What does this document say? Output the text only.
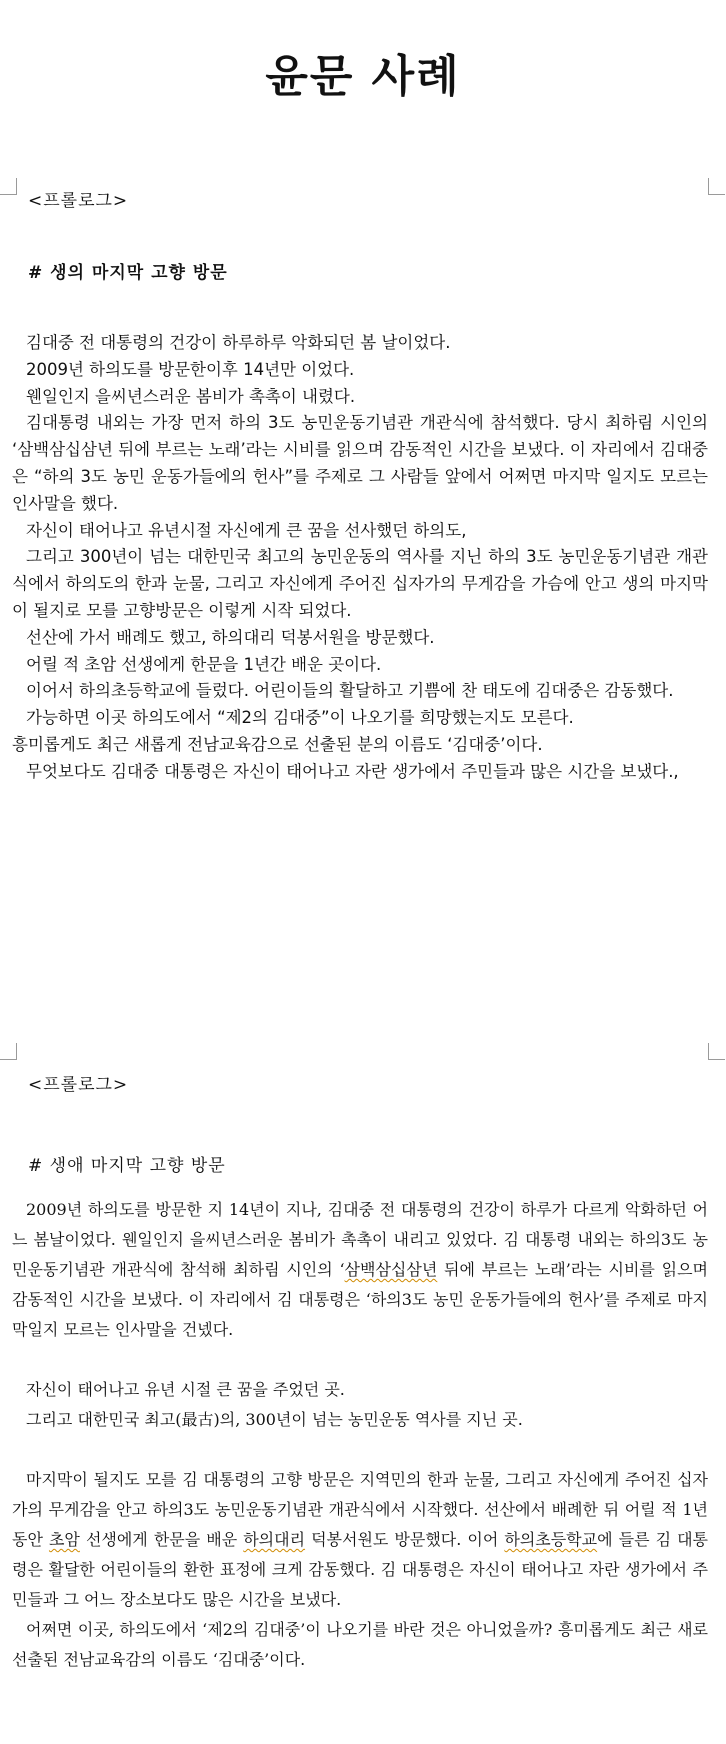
윤문 사례
<프롤로그>
# 생의 마지막 고향 방문

김대중 전 대통령의 건강이 하루하루 악화되던 봄 날이었다.

2009년 하의도를 방문한이후 14년만 이었다.

웬일인지 을씨년스러운 봄비가 촉촉이 내렸다.

김대통령 내외는 가장 먼저 하의 3도 농민운동기념관 개관식에 참석했다. 당시 최하림 시인의 ‘삼백삼십삼년 뒤에 부르는 노래’라는 시비를 읽으며 감동적인 시간을 보냈다. 이 자리에서 김대중은 “하의 3도 농민 운동가들에의 헌사”를 주제로 그 사람들 앞에서 어쩌면 마지막 일지도 모르는 인사말을 했다.

자신이 태어나고 유년시절 자신에게 큰 꿈을 선사했던 하의도,

그리고 300년이 넘는 대한민국 최고의 농민운동의 역사를 지닌 하의 3도 농민운동기념관 개관식에서 하의도의 한과 눈물, 그리고 자신에게 주어진 십자가의 무게감을 가슴에 안고 생의 마지막이 될지로 모를 고향방문은 이렇게 시작 되었다.

선산에 가서 배례도 했고, 하의대리 덕봉서원을 방문했다.

어릴 적 초암 선생에게 한문을 1년간 배운 곳이다.

이어서 하의초등학교에 들렀다. 어린이들의 활달하고 기쁨에 찬 태도에 김대중은 감동했다.

가능하면 이곳 하의도에서 “제2의 김대중”이 나오기를 희망했는지도 모른다.

흥미롭게도 최근 새롭게 전남교육감으로 선출된 분의 이름도 ‘김대중’이다.

무엇보다도 김대중 대통령은 자신이 태어나고 자란 생가에서 주민들과 많은 시간을 보냈다.,

<프롤로그>
# 생애 마지막 고향 방문

2009년 하의도를 방문한 지 14년이 지나, 김대중 전 대통령의 건강이 하루가 다르게 악화하던 어느 봄날이었다. 웬일인지 을씨년스러운 봄비가 촉촉이 내리고 있었다. 김 대통령 내외는 하의3도 농민운동기념관 개관식에 참석해 최하림 시인의 ‘삼백삼십삼년 뒤에 부르는 노래’라는 시비를 읽으며 감동적인 시간을 보냈다. 이 자리에서 김 대통령은 ‘하의3도 농민 운동가들에의 헌사’를 주제로 마지막일지 모르는 인사말을 건넸다.

자신이 태어나고 유년 시절 큰 꿈을 주었던 곳.

그리고 대한민국 최고(最古)의, 300년이 넘는 농민운동 역사를 지닌 곳.

마지막이 될지도 모를 김 대통령의 고향 방문은 지역민의 한과 눈물, 그리고 자신에게 주어진 십자가의 무게감을 안고 하의3도 농민운동기념관 개관식에서 시작했다. 선산에서 배례한 뒤 어릴 적 1년 동안 초암 선생에게 한문을 배운 하의대리 덕봉서원도 방문했다. 이어 하의초등학교에 들른 김 대통령은 활달한 어린이들의 환한 표정에 크게 감동했다. 김 대통령은 자신이 태어나고 자란 생가에서 주민들과 그 어느 장소보다도 많은 시간을 보냈다.

어쩌면 이곳, 하의도에서 ‘제2의 김대중’이 나오기를 바란 것은 아니었을까? 흥미롭게도 최근 새로 선출된 전남교육감의 이름도 ‘김대중’이다.
